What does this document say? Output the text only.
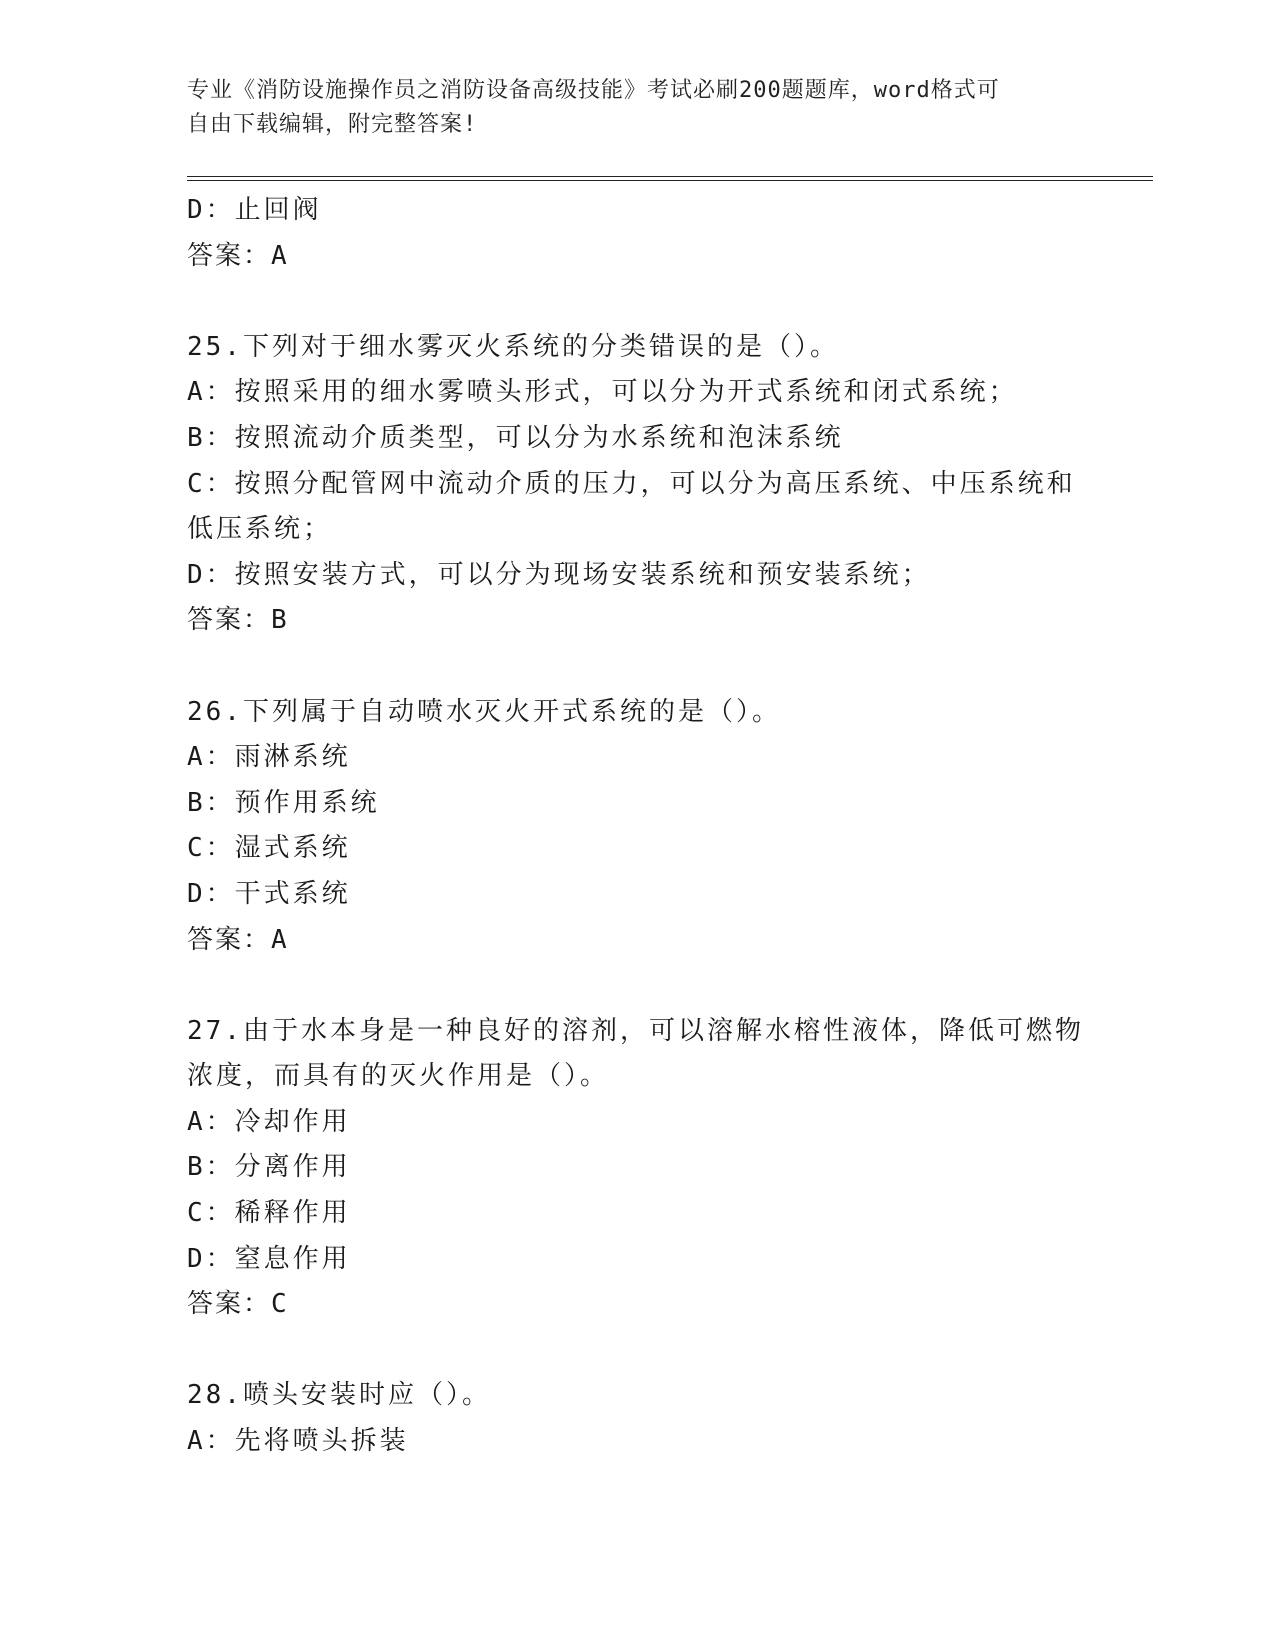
专业《消防设施操作员之消防设备高级技能》考试必刷200题题库，word格式可
自由下载编辑，附完整答案!
D：止回阀
答案：A
25.下列对于细水雾灭火系统的分类错误的是（）。
A：按照采用的细水雾喷头形式，可以分为开式系统和闭式系统；
B：按照流动介质类型，可以分为水系统和泡沫系统
C：按照分配管网中流动介质的压力，可以分为高压系统、中压系统和
低压系统；
D：按照安装方式，可以分为现场安装系统和预安装系统；
答案：B
26.下列属于自动喷水灭火开式系统的是（）。
A：雨淋系统
B：预作用系统
C：湿式系统
D：干式系统
答案：A
27.由于水本身是一种良好的溶剂，可以溶解水榕性液体，降低可燃物
浓度，而具有的灭火作用是（）。
A：冷却作用
B：分离作用
C：稀释作用
D：窒息作用
答案：C
28.喷头安装时应（）。
A：先将喷头拆装
